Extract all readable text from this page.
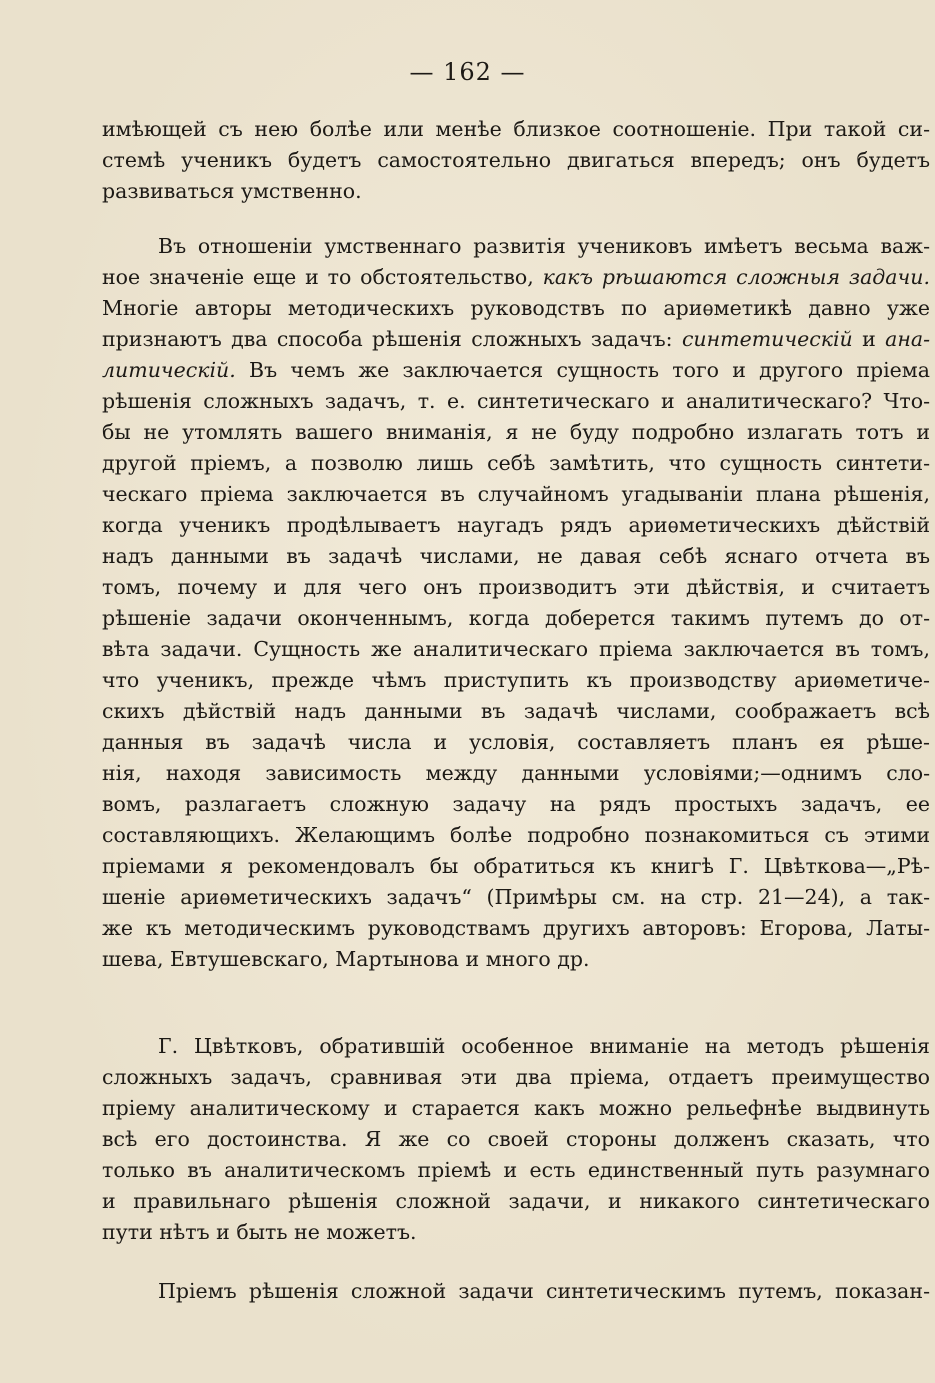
— 162 —
имѣющей съ нею болѣе или менѣе близкое соотношеніе. При такой си-
стемѣ ученикъ будетъ самостоятельно двигаться впередъ; онъ будетъ
развиваться умственно.
Въ отношеніи умственнаго развитія учениковъ имѣетъ весьма важ-
ное значеніе еще и то обстоятельство, какъ рѣшаются сложныя задачи.
Многіе авторы методическихъ руководствъ по ариѳметикѣ давно уже
признаютъ два способа рѣшенія сложныхъ задачъ: синтетическій и ана-
литическій. Въ чемъ же заключается сущность того и другого пріема
рѣшенія сложныхъ задачъ, т. е. синтетическаго и аналитическаго? Что-
бы не утомлять вашего вниманія, я не буду подробно излагать тотъ и
другой пріемъ, а позволю лишь себѣ замѣтить, что сущность синтети-
ческаго пріема заключается въ случайномъ угадываніи плана рѣшенія,
когда ученикъ продѣлываетъ наугадъ рядъ ариѳметическихъ дѣйствій
надъ данными въ задачѣ числами, не давая себѣ яснаго отчета въ
томъ, почему и для чего онъ производитъ эти дѣйствія, и считаетъ
рѣшеніе задачи оконченнымъ, когда доберется такимъ путемъ до от-
вѣта задачи. Сущность же аналитическаго пріема заключается въ томъ,
что ученикъ, прежде чѣмъ приступить къ производству ариѳметиче-
скихъ дѣйствій надъ данными въ задачѣ числами, соображаетъ всѣ
данныя въ задачѣ числа и условія, составляетъ планъ ея рѣше-
нія, находя зависимость между данными условіями;—однимъ сло-
вомъ, разлагаетъ сложную задачу на рядъ простыхъ задачъ, ее
составляющихъ. Желающимъ болѣе подробно познакомиться съ этими
пріемами я рекомендовалъ бы обратиться къ книгѣ Г. Цвѣткова—„Рѣ-
шеніе ариѳметическихъ задачъ“ (Примѣры см. на стр. 21—24), а так-
же къ методическимъ руководствамъ другихъ авторовъ: Егорова, Латы-
шева, Евтушевскаго, Мартынова и много др.
Г. Цвѣтковъ, обратившій особенное вниманіе на методъ рѣшенія
сложныхъ задачъ, сравнивая эти два пріема, отдаетъ преимущество
пріему аналитическому и старается какъ можно рельефнѣе выдвинуть
всѣ его достоинства. Я же со своей стороны долженъ сказать, что
только въ аналитическомъ пріемѣ и есть единственный путь разумнаго
и правильнаго рѣшенія сложной задачи, и никакого синтетическаго
пути нѣтъ и быть не можетъ.
Пріемъ рѣшенія сложной задачи синтетическимъ путемъ, показан-
